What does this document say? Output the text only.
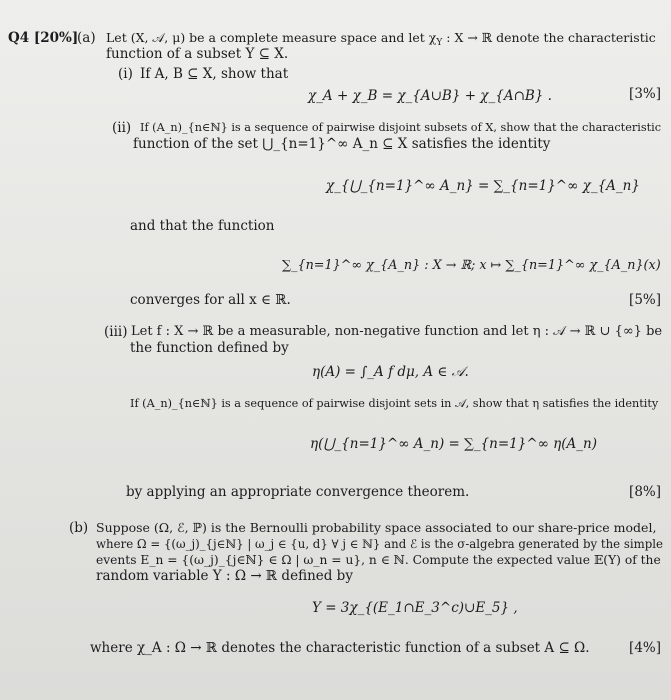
Q4 [20%]
(a) Let (X, 𝒜, μ) be a complete measure space and let $\chi_Y$ : X → ℝ denote the characteristic
function of a subset Y ⊆ X.
(i) If A, B ⊆ X, show that
χ_A + χ_B = χ_{A∪B} + χ_{A∩B} .	[3%]
(ii) If (A_n)_{n∈ℕ} is a sequence of pairwise disjoint subsets of X, show that the characteristic
function of the set ⋃_{n=1}^∞ A_n ⊆ X satisfies the identity
χ_{⋃_{n=1}^∞ A_n} = ∑_{n=1}^∞ χ_{A_n}
and that the function
∑_{n=1}^∞ χ_{A_n} : X → ℝ; x ↦ ∑_{n=1}^∞ χ_{A_n}(x)
converges for all x ∈ ℝ.	[5%]
(iii) Let f : X → ℝ be a measurable, non-negative function and let η : 𝒜 → ℝ ∪ {∞} be
the function defined by
η(A) = ∫_A f dμ, A ∈ 𝒜.
If (A_n)_{n∈ℕ} is a sequence of pairwise disjoint sets in 𝒜, show that η satisfies the identity
η(⋃_{n=1}^∞ A_n) = ∑_{n=1}^∞ η(A_n)
by applying an appropriate convergence theorem.	[8%]
(b) Suppose (Ω, ℰ, ℙ) is the Bernoulli probability space associated to our share-price model,
where Ω = {(ω_j)_{j∈ℕ} | ω_j ∈ {u, d} ∀ j ∈ ℕ} and ℰ is the σ-algebra generated by the simple
events E_n = {(ω_j)_{j∈ℕ} ∈ Ω | ω_n = u}, n ∈ ℕ. Compute the expected value 𝔼(Y) of the
random variable Y : Ω → ℝ defined by
Y = 3χ_{(E_1∩E_3^c)∪E_5} ,
where χ_A : Ω → ℝ denotes the characteristic function of a subset A ⊆ Ω.	[4%]
